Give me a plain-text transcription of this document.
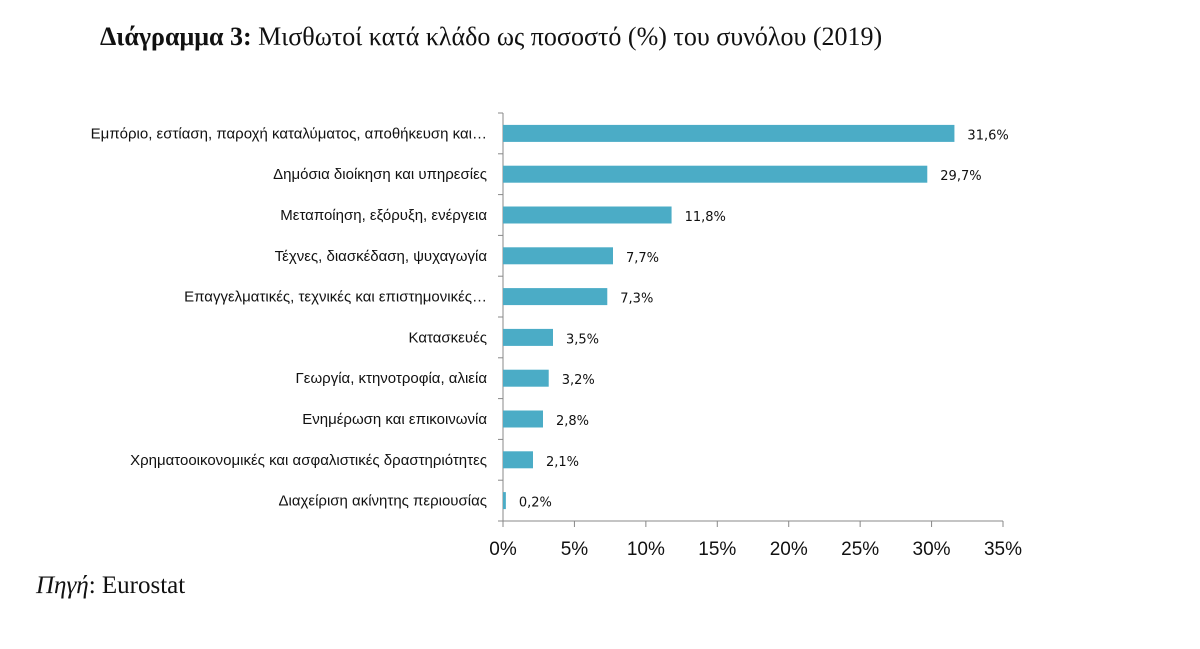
Διάγραμμα 3: Μισθωτοί κατά κλάδο ως ποσοστό (%) του συνόλου (2019)
0% 5% 10% 15% 20% 25% 30% 35%
Εμπόριο, εστίαση, παροχή καταλύματος, αποθήκευση και…	31,6%
Δημόσια διοίκηση και υπηρεσίες	29,7%
Μεταποίηση, εξόρυξη, ενέργεια	11,8%
Τέχνες, διασκέδαση, ψυχαγωγία	7,7%
Επαγγελματικές, τεχνικές και επιστημονικές…	7,3%
Κατασκευές	3,5%
Γεωργία, κτηνοτροφία, αλιεία	3,2%
Ενημέρωση και επικοινωνία	2,8%
Χρηματοοικονομικές και ασφαλιστικές δραστηριότητες	2,1%
Διαχείριση ακίνητης περιουσίας 0,2%
Πηγή: Eurostat
